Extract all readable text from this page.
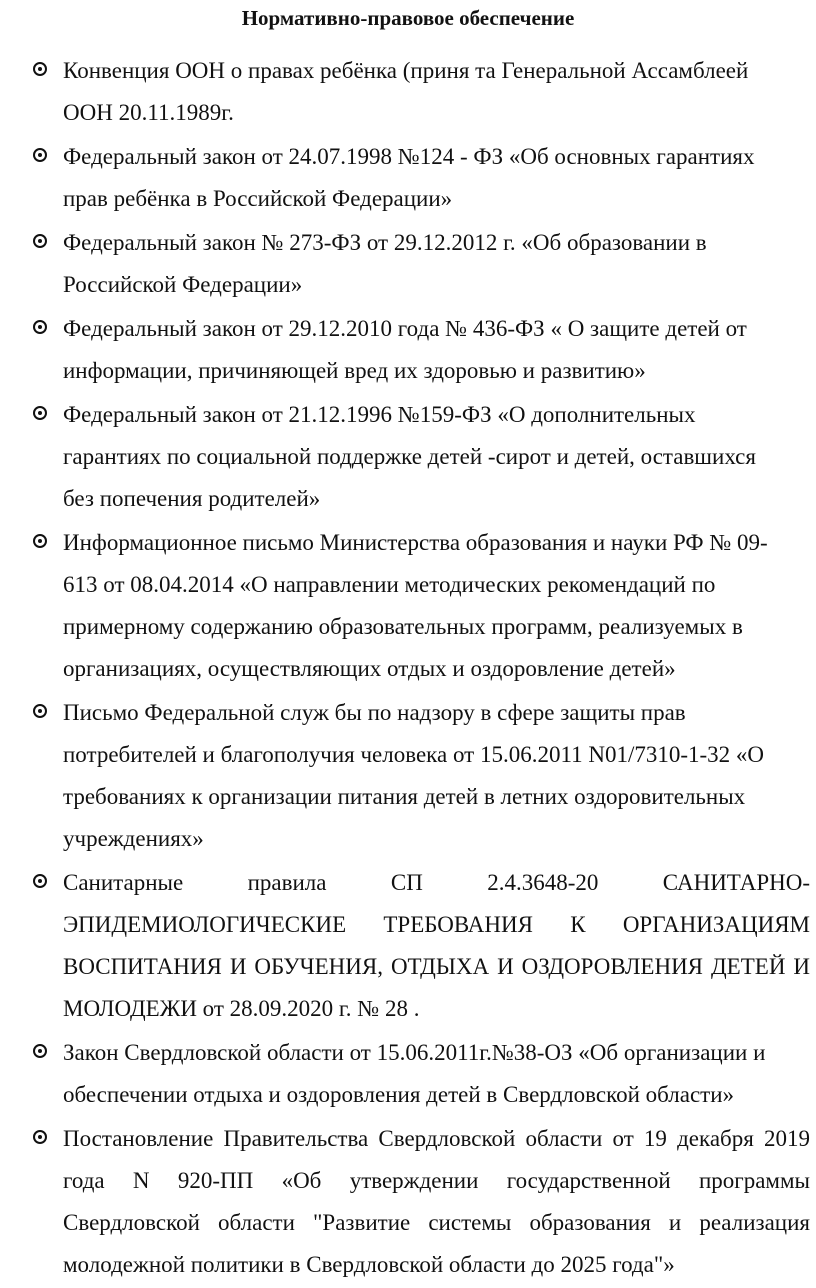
Нормативно-правовое обеспечение
Конвенция ООН о правах ребёнка (приня та Генеральной Ассамблеей
ООН 20.11.1989г.
Федеральный закон от 24.07.1998 №124 - ФЗ «Об основных гарантиях
прав ребёнка в Российской Федерации»
Федеральный закон № 273-ФЗ от 29.12.2012 г. «Об образовании в
Российской Федерации»
Федеральный закон от 29.12.2010 года № 436-ФЗ « О защите детей от
информации, причиняющей вред их здоровью и развитию»
Федеральный закон от 21.12.1996 №159-ФЗ «О дополнительных
гарантиях по социальной поддержке детей -сирот и детей, оставшихся
без попечения родителей»
Информационное письмо Министерства образования и науки РФ № 09-
613 от 08.04.2014 «О направлении методических рекомендаций по
примерному содержанию образовательных программ, реализуемых в
организациях, осуществляющих отдых и оздоровление детей»
Письмо Федеральной служ бы по надзору в сфере защиты прав
потребителей и благополучия человека от 15.06.2011 N01/7310-1-32 «О
требованиях к организации питания детей в летних оздоровительных
учреждениях»
Санитарные правила СП 2.4.3648-20 САНИТАРНО-ЭПИДЕМИОЛОГИЧЕСКИЕ ТРЕБОВАНИЯ К ОРГАНИЗАЦИЯМ ВОСПИТАНИЯ И ОБУЧЕНИЯ, ОТДЫХА И ОЗДОРОВЛЕНИЯ ДЕТЕЙ И МОЛОДЕЖИ от 28.09.2020 г. № 28 .
Закон Свердловской области от 15.06.2011г.№38-ОЗ «Об организации и
обеспечении отдыха и оздоровления детей в Свердловской области»
Постановление Правительства Свердловской области от 19 декабря 2019 года N 920-ПП «Об утверждении государственной программы Свердловской области "Развитие системы образования и реализация молодежной политики в Свердловской области до 2025 года"»
